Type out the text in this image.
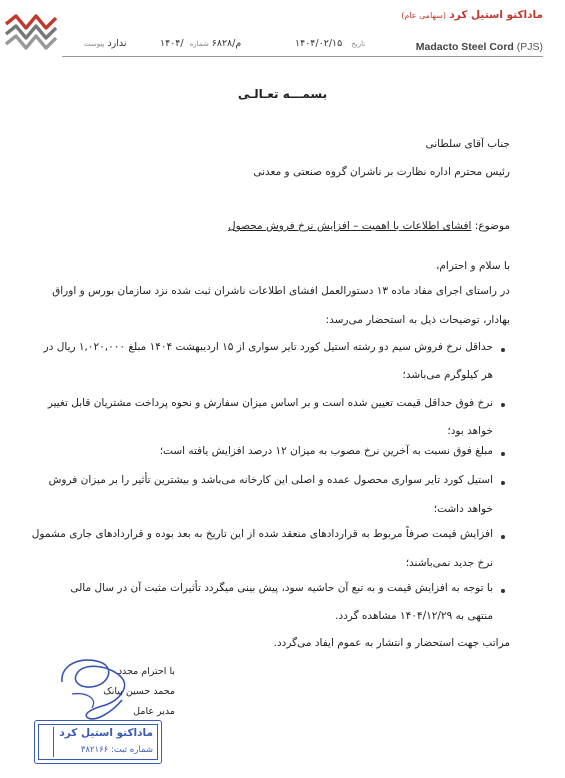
ماداکتو استیل کرد (سهامی عام)
Madacto Steel Cord (PJS)
۱۴۰۴/۰۲/۱۵ تاریخ
۱۴۰۴/م/۶۸۲۸ شماره
ندارد پیوست
بسمـــه تعـالـی
جناب آقای سلطانی
رئیس محترم اداره نظارت بر ناشران گروه صنعتی و معدنی
موضوع: افشای اطلاعات با اهمیت – افزایش نرخ فروش محصول
با سلام و احترام،
در راستای اجرای مفاد ماده ۱۳ دستورالعمل افشای اطلاعات ناشران ثبت شده نزد سازمان بورس و اوراق
بهادار، توضیحات ذیل به استحضار می‌رسد:
حداقل نرخ فروش سیم دو رشته استیل کورد تایر سواری از ۱۵ اردیبهشت ۱۴۰۴ مبلغ ۱,۰۲۰,۰۰۰ ریال در
هر کیلوگرم می‌باشد؛
نرخ فوق حداقل قیمت تعیین شده است و بر اساس میزان سفارش و نحوه پرداخت مشتریان قابل تغییر
خواهد بود؛
مبلغ فوق نسبت به آخرین نرخ مصوب به میزان ۱۲ درصد افزایش یافته است؛
استیل کورد تایر سواری محصول عمده و اصلی این کارخانه می‌باشد و بیشترین تأثیر را بر میزان فروش
خواهد داشت؛
افزایش قیمت صرفاً مربوط به قراردادهای منعقد شده از این تاریخ به بعد بوده و قراردادهای جاری مشمول
نرخ جدید نمی‌باشند؛
با توجه به افزایش قیمت و به تبع آن حاشیه سود، پیش بینی میگردد تأثیرات مثبت آن در سال مالی
منتهی به ۱۴۰۴/۱۲/۲۹ مشاهده گردد.
مراتب جهت استحضار و انتشار به عموم ایفاد می‌گردد.
با احترام مجدد
محمد حسین بیانک
مدیر عامل
ماداکتو استیل کرد
شماره ثبت: ۳۸۲۱۶۶
